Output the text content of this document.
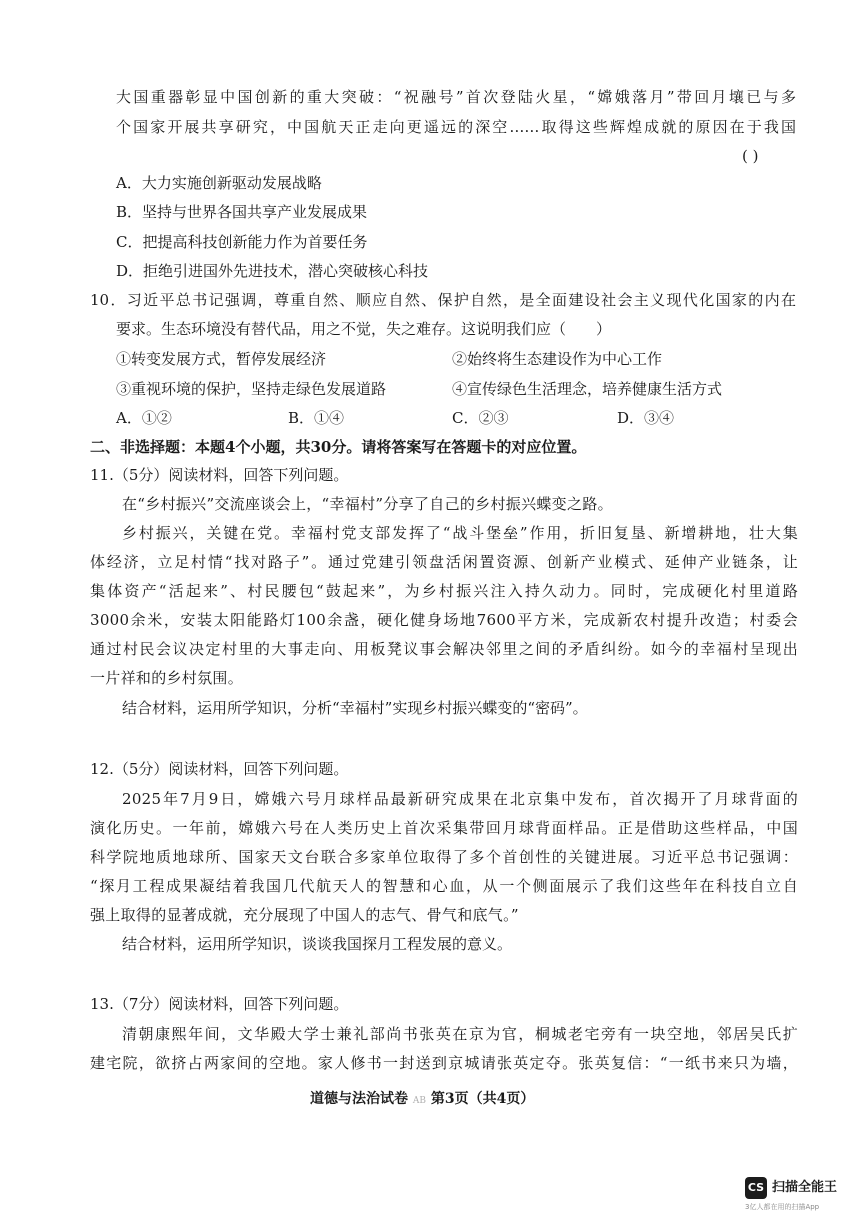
大国重器彰显中国创新的重大突破：“祝融号”首次登陆火星，“嫦娥落月”带回月壤已与多
个国家开展共享研究，中国航天正走向更遥远的深空……取得这些辉煌成就的原因在于我国
( )
A．大力实施创新驱动发展战略
B．坚持与世界各国共享产业发展成果
C．把提高科技创新能力作为首要任务
D．拒绝引进国外先进技术，潜心突破核心科技
10．习近平总书记强调，尊重自然、顺应自然、保护自然，是全面建设社会主义现代化国家的内在
要求。生态环境没有替代品，用之不觉，失之难存。这说明我们应（　　）
①转变发展方式，暂停发展经济	②始终将生态建设作为中心工作
③重视环境的保护，坚持走绿色发展道路	④宣传绿色生活理念，培养健康生活方式
A．①②	B．①④	C．②③	D．③④
二、非选择题：本题4个小题，共30分。请将答案写在答题卡的对应位置。
11.（5分）阅读材料，回答下列问题。
在“乡村振兴”交流座谈会上，“幸福村”分享了自己的乡村振兴蝶变之路。
乡村振兴，关键在党。幸福村党支部发挥了“战斗堡垒”作用，折旧复垦、新增耕地，壮大集
体经济，立足村情“找对路子”。通过党建引领盘活闲置资源、创新产业模式、延伸产业链条，让
集体资产“活起来”、村民腰包“鼓起来”，为乡村振兴注入持久动力。同时，完成硬化村里道路
3000余米，安装太阳能路灯100余盏，硬化健身场地7600平方米，完成新农村提升改造；村委会
通过村民会议决定村里的大事走向、用板凳议事会解决邻里之间的矛盾纠纷。如今的幸福村呈现出
一片祥和的乡村氛围。
结合材料，运用所学知识，分析“幸福村”实现乡村振兴蝶变的“密码”。
12.（5分）阅读材料，回答下列问题。
2025年7月9日，嫦娥六号月球样品最新研究成果在北京集中发布，首次揭开了月球背面的
演化历史。一年前，嫦娥六号在人类历史上首次采集带回月球背面样品。正是借助这些样品，中国
科学院地质地球所、国家天文台联合多家单位取得了多个首创性的关键进展。习近平总书记强调：
“探月工程成果凝结着我国几代航天人的智慧和心血，从一个侧面展示了我们这些年在科技自立自
强上取得的显著成就，充分展现了中国人的志气、骨气和底气。”
结合材料，运用所学知识，谈谈我国探月工程发展的意义。
13.（7分）阅读材料，回答下列问题。
清朝康熙年间，文华殿大学士兼礼部尚书张英在京为官，桐城老宅旁有一块空地，邻居吴氏扩
建宅院，欲挤占两家间的空地。家人修书一封送到京城请张英定夺。张英复信：“一纸书来只为墙，
道德与法治试卷 AB 第3页（共4页）
CS 扫描全能王
3亿人都在用的扫描App
